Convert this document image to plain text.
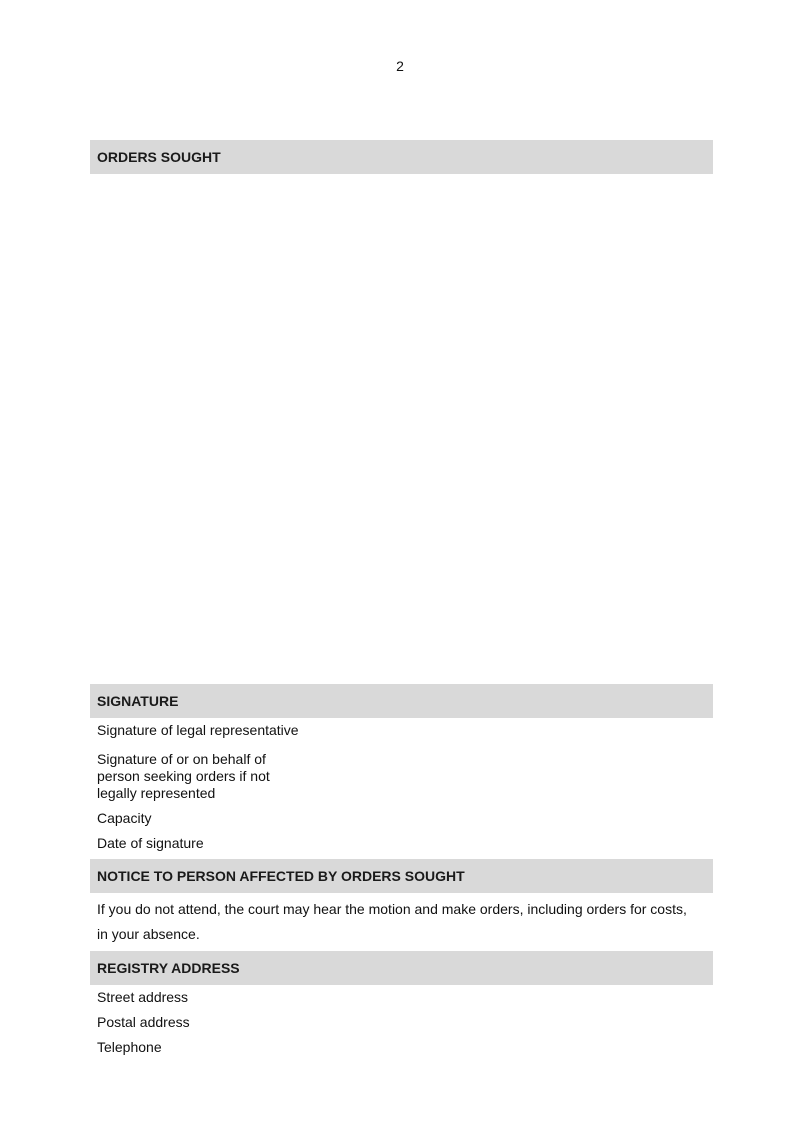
2
ORDERS SOUGHT
SIGNATURE
Signature of legal representative
Signature of or on behalf of person seeking orders if not legally represented
Capacity
Date of signature
NOTICE TO PERSON AFFECTED BY ORDERS SOUGHT
If you do not attend, the court may hear the motion and make orders, including orders for costs, in your absence.
REGISTRY ADDRESS
Street address
Postal address
Telephone
